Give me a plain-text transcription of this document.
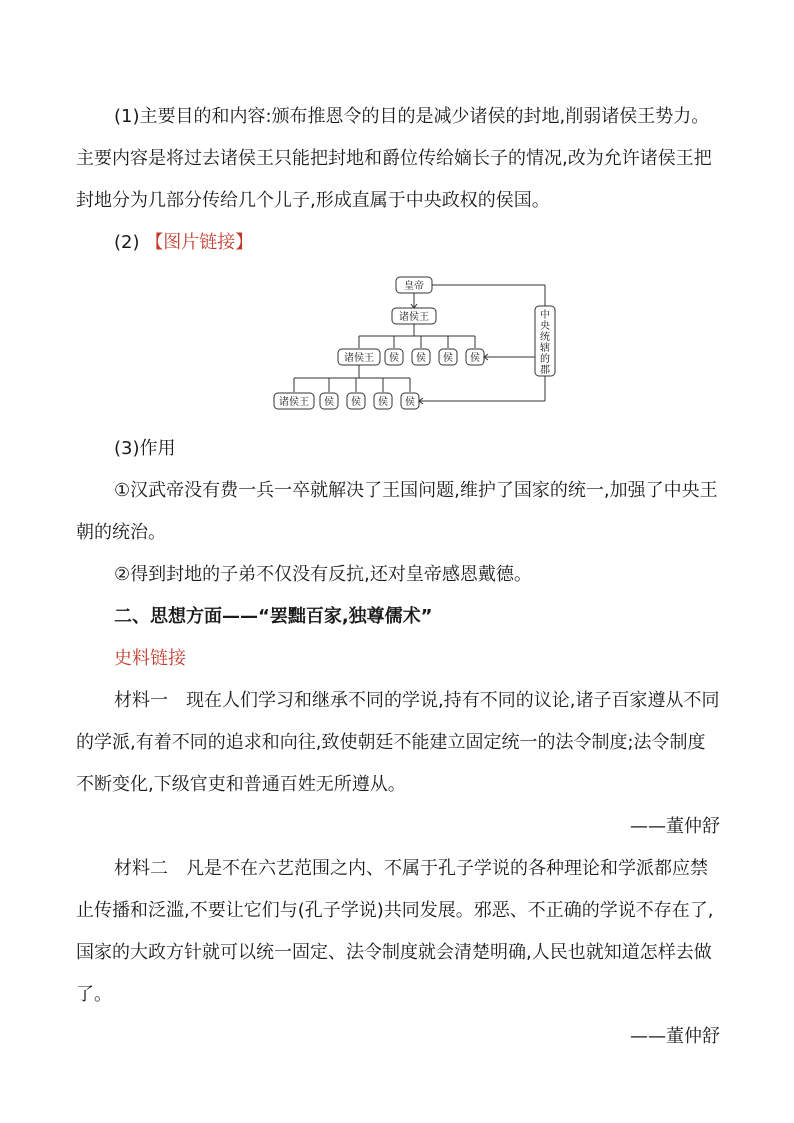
(1)主要目的和内容:颁布推恩令的目的是减少诸侯的封地,削弱诸侯王势力。主要内容是将过去诸侯王只能把封地和爵位传给嫡长子的情况,改为允许诸侯王把封地分为几部分传给几个儿子,形成直属于中央政权的侯国。

(2) 【图片链接】

皇帝
诸侯王
诸侯王 侯 侯 侯 侯
诸侯王 侯 侯 侯 侯
中
央
统
辖
的
郡

(3)作用

①汉武帝没有费一兵一卒就解决了王国问题,维护了国家的统一,加强了中央王朝的统治。

②得到封地的子弟不仅没有反抗,还对皇帝感恩戴德。

二、思想方面——“罢黜百家,独尊儒术”

史料链接

材料一　现在人们学习和继承不同的学说,持有不同的议论,诸子百家遵从不同的学派,有着不同的追求和向往,致使朝廷不能建立固定统一的法令制度;法令制度不断变化,下级官吏和普通百姓无所遵从。

——董仲舒

材料二　凡是不在六艺范围之内、不属于孔子学说的各种理论和学派都应禁止传播和泛滥,不要让它们与(孔子学说)共同发展。邪恶、不正确的学说不存在了,国家的大政方针就可以统一固定、法令制度就会清楚明确,人民也就知道怎样去做了。

——董仲舒
